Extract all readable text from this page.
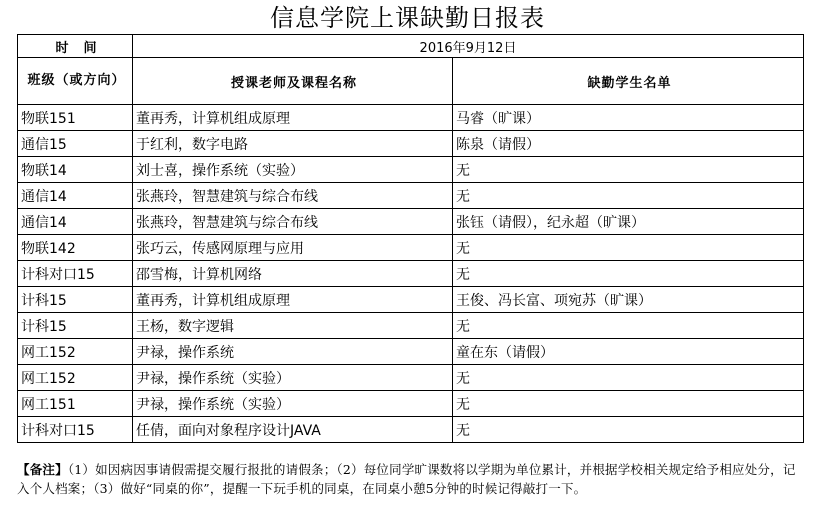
信息学院上课缺勤日报表
时　间	2016年9月12日	
班级（或方向）	授课老师及课程名称	缺勤学生名单
物联151	董再秀，计算机组成原理	马睿（旷课）
通信15	于红利，数字电路	陈泉（请假）
物联14	刘士喜，操作系统（实验）	无
通信14	张燕玲，智慧建筑与综合布线	无
通信14	张燕玲，智慧建筑与综合布线	张钰（请假），纪永超（旷课）
物联142	张巧云，传感网原理与应用	无
计科对口15	邵雪梅，计算机网络	无
计科15	董再秀，计算机组成原理	王俊、冯长富、项宛苏（旷课）
计科15	王杨，数字逻辑	无
网工152	尹禄，操作系统	童在东（请假）
网工152	尹禄，操作系统（实验）	无
网工151	尹禄，操作系统（实验）	无
计科对口15	任倩，面向对象程序设计JAVA	无
【备注】（1）如因病因事请假需提交履行报批的请假条；（2）每位同学旷课数将以学期为单位累计，并根据学校相关规定给予相应处分，记入个人档案；（3）做好“同桌的你”，提醒一下玩手机的同桌，在同桌小憩5分钟的时候记得敲打一下。
